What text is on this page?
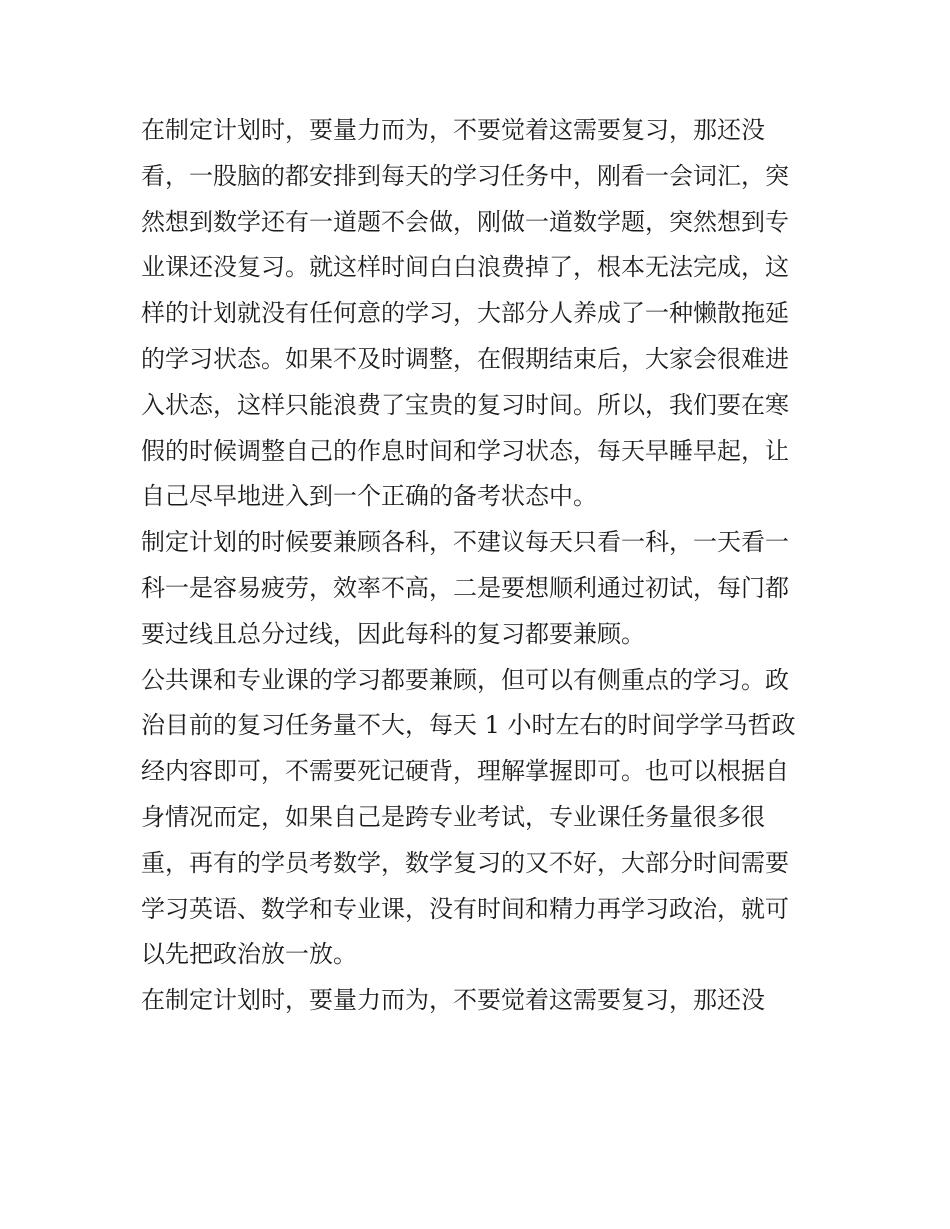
在制定计划时，要量力而为，不要觉着这需要复习，那还没
看，一股脑的都安排到每天的学习任务中，刚看一会词汇，突
然想到数学还有一道题不会做，刚做一道数学题，突然想到专
业课还没复习。就这样时间白白浪费掉了，根本无法完成，这
样的计划就没有任何意的学习，大部分人养成了一种懒散拖延
的学习状态。如果不及时调整，在假期结束后，大家会很难进
入状态，这样只能浪费了宝贵的复习时间。所以，我们要在寒
假的时候调整自己的作息时间和学习状态，每天早睡早起，让
自己尽早地进入到一个正确的备考状态中。
制定计划的时候要兼顾各科，不建议每天只看一科，一天看一
科一是容易疲劳，效率不高，二是要想顺利通过初试，每门都
要过线且总分过线，因此每科的复习都要兼顾。
公共课和专业课的学习都要兼顾，但可以有侧重点的学习。政
治目前的复习任务量不大，每天 1 小时左右的时间学学马哲政
经内容即可，不需要死记硬背，理解掌握即可。也可以根据自
身情况而定，如果自己是跨专业考试，专业课任务量很多很
重，再有的学员考数学，数学复习的又不好，大部分时间需要
学习英语、数学和专业课，没有时间和精力再学习政治，就可
以先把政治放一放。
在制定计划时，要量力而为，不要觉着这需要复习，那还没
